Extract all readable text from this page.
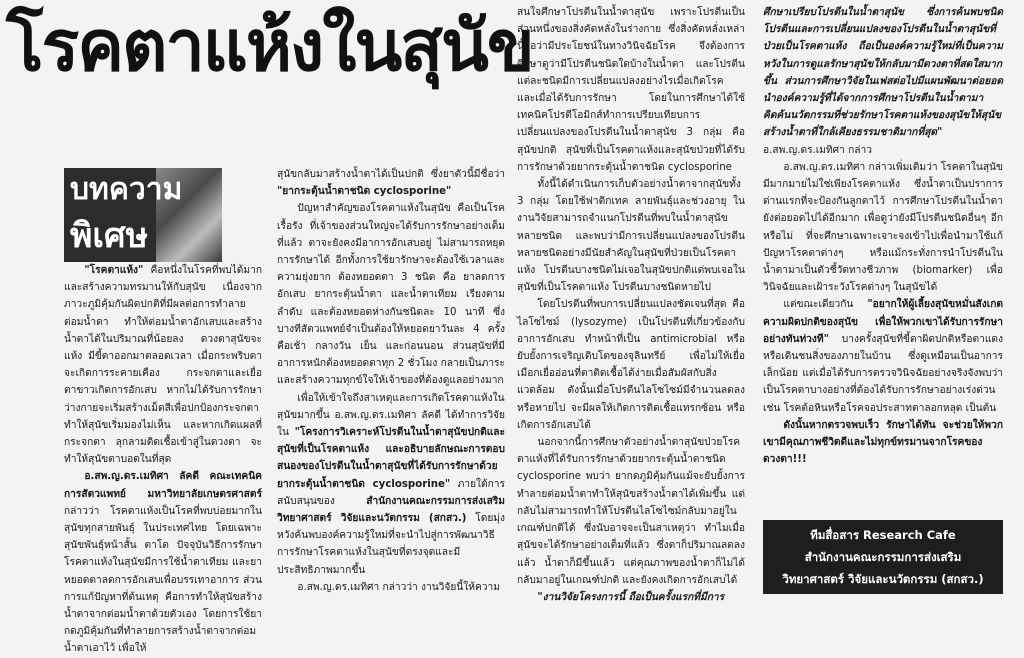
โรคตาแห้งในสุนัข
บทความ
พิเศษ

  "โรคตาแห้ง" คือหนึ่งในโรคที่พบได้มากและสร้างความทรมานให้กับสุนัข เนื่องจากภาวะภูมิคุ้มกันผิดปกติที่มีผลต่อการทำลายต่อมน้ำตา ทำให้ต่อมน้ำตาอักเสบและสร้างน้ำตาได้ในปริมาณที่น้อยลง ดวงตาสุนัขจะแห้ง มีขี้ตาออกมาตลอดเวลา เมื่อกระพริบตาจะเกิดการระคายเคือง กระจกตาและเยื่อตาขาวเกิดการอักเสบ หากไม่ได้รับการรักษาว่างกายจะเริ่มสร้างเม็ดสีเพื่อปกป้องกระจกตา ทำให้สุนัขเริ่มมองไม่เห็น และหากเกิดแผลที่กระจกตา ลุกลามติดเชื้อเข้าสู่ในดวงตา จะทำให้สุนัขตาบอดในที่สุด

  อ.สพ.ญ.ดร.เมทิศา ลัคดี คณะเทคนิคการสัตวแพทย์ มหาวิทยาลัยเกษตรศาสตร์ กล่าวว่า โรคตาแห้งเป็นโรคที่พบบ่อยมากในสุนัขทุกสายพันธุ์ ในประเทศไทย โดยเฉพาะสุนัขพันธุ์หน้าสั้น ตาโต ปัจจุบันวิธีการรักษาโรคตาแห้งในสุนัขมีการใช้น้ำตาเทียม และยาหยอดตาลดการอักเสบเพื่อบรรเทาอาการ ส่วนการแก้ปัญหาที่ต้นเหตุ คือการทำให้สุนัขสร้างน้ำตาจากต่อมน้ำตาด้วยตัวเอง โดยการใช้ยากดภูมิคุ้มกันที่ทำลายการสร้างน้ำตาจากต่อมน้ำตาเอาไว้ เพื่อให้

สุนัขกลับมาสร้างน้ำตาได้เป็นปกติ ซึ่งยาตัวนี้มีชื่อว่า "ยากระตุ้นน้ำตาชนิด cyclosporine"

  ปัญหาสำคัญของโรคตาแห้งในสุนัข คือเป็นโรคเรื้อรัง ที่เจ้าของส่วนใหญ่จะได้รับการรักษาอย่างเต็มที่แล้ว ตาจะยังคงมีอาการอักเสบอยู่ ไม่สามารถหยุดการรักษาได้ อีกทั้งการใช้ยารักษาจะต้องใช้เวลาและความยุ่งยาก ต้องหยอดตา 3 ชนิด คือ ยาลดการอักเสบ ยากระตุ้นน้ำตา และน้ำตาเทียม เรียงตามลำดับ และต้องหยอดห่างกันชนิดละ 10 นาที ซึ่งบางทีสัตวแพทย์จำเป็นต้องให้หยอดยาวันละ 4 ครั้ง คือเช้า กลางวัน เย็น และก่อนนอน ส่วนสุนัขที่มีอาการหนักต้องหยอดตาทุก 2 ชั่วโมง กลายเป็นภาระและสร้างความทุกข์ใจให้เจ้าของที่ต้องดูแลอย่างมาก

  เพื่อให้เข้าใจถึงสาเหตุและการเกิดโรคตาแห้งในสุนัขมากขึ้น อ.สพ.ญ.ดร.เมทิศา ลัคดี ได้ทำการวิจัยใน "โครงการวิเคราะห์โปรตีนในน้ำตาสุนัขปกติและสุนัขที่เป็นโรคตาแห้ง และอธิบายลักษณะการตอบสนองของโปรตีนในน้ำตาสุนัขที่ได้รับการรักษาด้วยยากระตุ้นน้ำตาชนิด cyclosporine" ภายใต้การสนับสนุนของ สำนักงานคณะกรรมการส่งเสริมวิทยาศาสตร์ วิจัยและนวัตกรรม (สกสว.) โดยมุ่งหวังค้นพบองค์ความรู้ใหม่ที่จะนำไปสู่การพัฒนาวิธีการรักษาโรคตาแห้งในสุนัขที่ตรงจุดและมีประสิทธิภาพมากขึ้น

  อ.สพ.ญ.ดร.เมทิศา กล่าวว่า งานวิจัยนี้ให้ความ

สนใจศึกษาโปรตีนในน้ำตาสุนัข เพราะโปรตีนเป็นส่วนหนึ่งของสิ่งคัดหลั่งในร่างกาย ซึ่งสิ่งคัดหลั่งเหล่านี้ถือว่ามีประโยชน์ในทางวินิจฉัยโรค จึงต้องการศึกษาดูว่ามีโปรตีนชนิดใดบ้างในน้ำตา และโปรตีนแต่ละชนิดมีการเปลี่ยนแปลงอย่างไรเมื่อเกิดโรค และเมื่อได้รับการรักษา โดยในการศึกษาได้ใช้เทคนิคโปรตีโอมิกส์ทำการเปรียบเทียบการเปลี่ยนแปลงของโปรตีนในน้ำตาสุนัข 3 กลุ่ม คือ สุนัขปกติ สุนัขที่เป็นโรคตาแห้งและสุนัขป่วยที่ได้รับการรักษาด้วยยากระตุ้นน้ำตาชนิด cyclosporine

  ทั้งนี้ได้ดำเนินการเก็บตัวอย่างน้ำตาจากสุนัขทั้ง 3 กลุ่ม โดยใช้ฟาติกเทค ลายพันธุ์และช่วงอายุ ในงานวิจัยสามารถจำแนกโปรตีนที่พบในน้ำตาสุนัขหลายชนิด และพบว่ามีการเปลี่ยนแปลงของโปรตีนหลายชนิดอย่างมีนัยสำคัญในสุนัขที่ป่วยเป็นโรคตาแห้ง โปรตีนบางชนิดไม่เจอในสุนัขปกติแต่พบเจอในสุนัขที่เป็นโรคตาแห้ง โปรตีนบางชนิดหายไป

  โดยโปรตีนที่พบการเปลี่ยนแปลงชัดเจนที่สุด คือ ไลโซไซม์ (lysozyme) เป็นโปรตีนที่เกี่ยวข้องกับอาการอักเสบ ทำหน้าที่เป็น antimicrobial หรือยับยั้งการเจริญเติบโตของจุลินทรีย์ เพื่อไม่ให้เยื่อเมือกเยื่ออ่อนที่ตาติดเชื้อได้ง่ายเมื่อสัมผัสกับสิ่งแวดล้อม ดังนั้นเมื่อโปรตีนไลโซไซม์มีจำนวนลดลงหรือหายไป จะมีผลให้เกิดการติดเชื้อแทรกซ้อน หรือเกิดการอักเสบได้

  นอกจากนี้การศึกษาตัวอย่างน้ำตาสุนัขป่วยโรคตาแห้งที่ได้รับการรักษาด้วยยากระตุ้นน้ำตาชนิด cyclosporine พบว่า ยากดภูมิคุ้มกันแม้จะยับยั้งการทำลายต่อมน้ำตาทำให้สุนัขสร้างน้ำตาได้เพิ่มขึ้น แต่กลับไม่สามารถทำให้โปรตีนไลโซไซม์กลับมาอยู่ในเกณฑ์ปกติได้ ซึ่งนับอาจจะเป็นสาเหตุว่า ทำไมเมื่อสุนัขจะได้รักษาอย่างเต็มที่แล้ว ซึ่งตาก็ปริมาณลดลงแล้ว น้ำตาก็มีขึ้นแล้ว แต่คุณภาพของน้ำตาก็ไม่ได้กลับมาอยู่ในเกณฑ์ปกติ และยังคงเกิดการอักเสบได้

  "งานวิจัยโครงการนี้ ถือเป็นครั้งแรกที่มีการ

ศึกษาเปรียบโปรตีนในน้ำตาสุนัข ซึ่งการค้นพบชนิดโปรตีนและการเปลี่ยนแปลงของโปรตีนในน้ำตาสุนัขที่ป่วยเป็นโรคตาแห้ง ถือเป็นองค์ความรู้ใหม่ที่เป็นความหวังในการดูแลรักษาสุนัขให้กลับมามีดวงตาที่สดใสมากขึ้น ส่วนการศึกษาวิจัยในเฟสต่อไปมีแผนพัฒนาต่อยอดนำองค์ความรู้ที่ได้จากการศึกษาโปรตีนในน้ำตามาคิดค้นนวัตกรรมที่ช่วยรักษาโรคตาแห้งของสุนัขให้สุนัขสร้างน้ำตาที่ใกล้เคียงธรรมชาติมากที่สุด" อ.สพ.ญ.ดร.เมทิศา กล่าว

  อ.สพ.ญ.ดร.เมทิศา กล่าวเพิ่มเติมว่า โรคตาในสุนัขมีมากมายไม่ใช่เพียงโรคตาแห้ง ซึ่งน้ำตาเป็นปราการด่านแรกที่จะป้องกันลูกตาไว้ การศึกษาโปรตีนในน้ำตายังต่อยอดไปได้อีกมาก เพื่อดูว่ายังมีโปรตีนชนิดอื่นๆ อีกหรือไม่ ที่จะศึกษาเฉพาะเจาะจงเข้าไปเพื่อนำมาใช้แก้ปัญหาโรคตาต่างๆ หรือแม้กระทั่งการนำโปรตีนในน้ำตามาเป็นตัวชี้วัดทางชีวภาพ (biomarker) เพื่อวินิจฉัยและเฝ้าระวังโรคต่างๆ ในสุนัขได้

  แต่ขณะเดียวกัน "อยากให้ผู้เลี้ยงสุนัขหมั่นสังเกตความผิดปกติของสุนัข เพื่อให้พวกเขาได้รับการรักษาอย่างทันท่วงที" บางครั้งสุนัขที่ขี้ตาผิดปกติหรือตาแดงหรือเดินชนสิ่งของภายในบ้าน ซึ่งดูเหมือนเป็นอาการเล็กน้อย แต่เมื่อได้รับการตรวจวินิจฉัยอย่างจริงจังพบว่าเป็นโรคตาบางอย่างที่ต้องได้รับการรักษาอย่างเร่งด่วน เช่น โรคต้อหินหรือโรคจอประสาทตาลอกหลุด เป็นต้น

  ดังนั้นหากตรวจพบเร็ว รักษาได้ทัน จะช่วยให้พวกเขามีคุณภาพชีวิตดีและไม่ทุกข์ทรมานจากโรคของดวงตา!!!

ทีมสื่อสาร Research Cafe
สำนักงานคณะกรรมการส่งเสริม
วิทยาศาสตร์ วิจัยและนวัตกรรม (สกสว.)
